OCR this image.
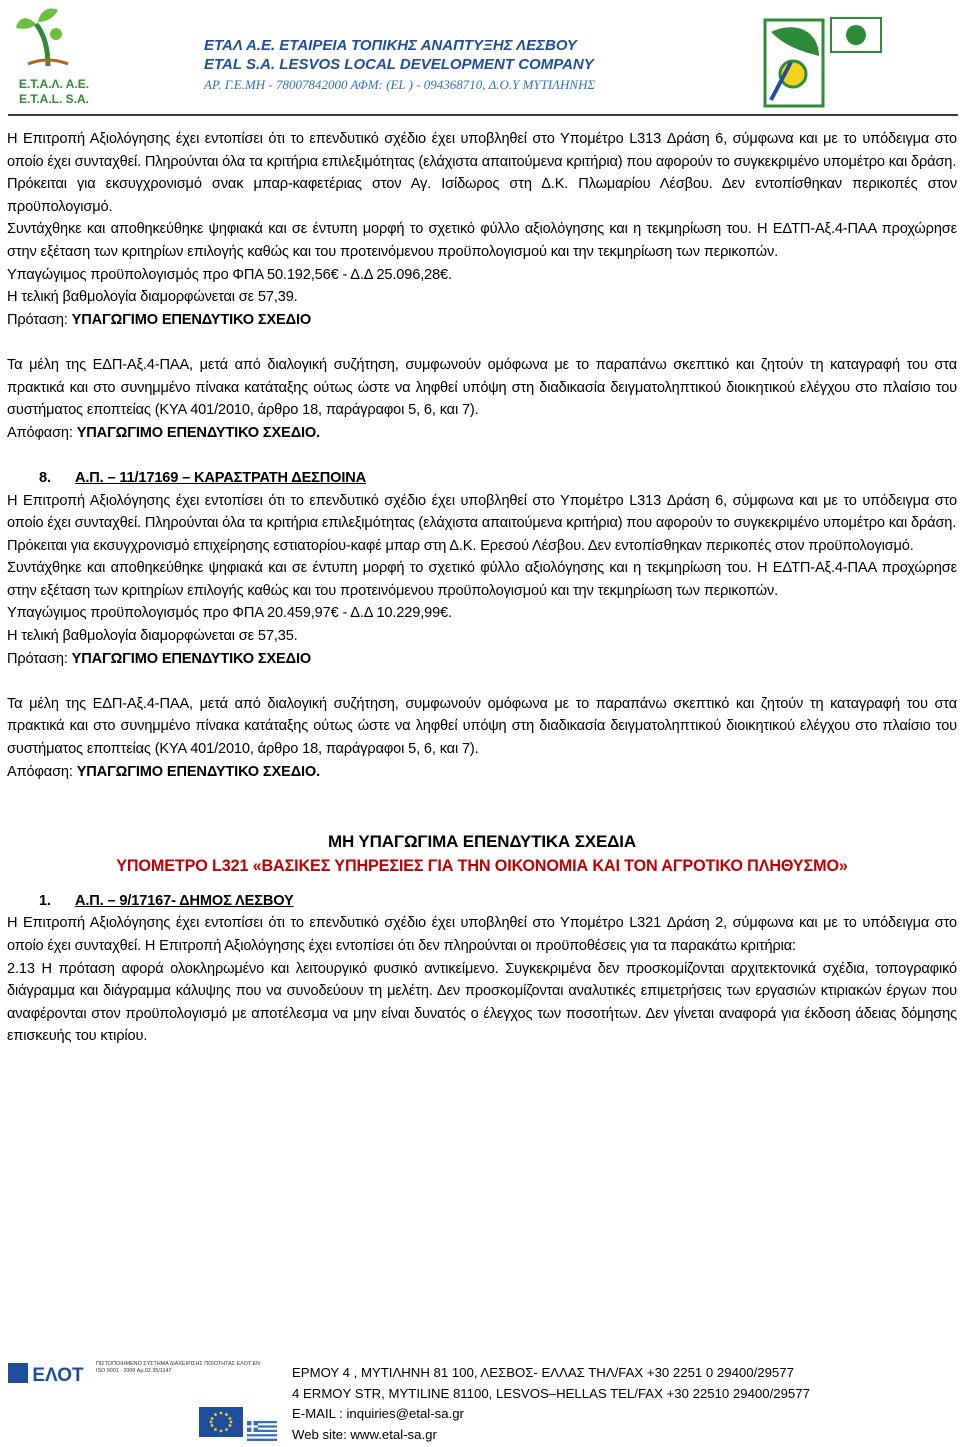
Ε.Τ.Α.Λ. Α.Ε.
E.T.A.L. S.A.
ΕΤΑΛ Α.Ε. ΕΤΑΙΡΕΙΑ ΤΟΠΙΚΗΣ ΑΝΑΠΤΥΞΗΣ ΛΕΣΒΟΥ
ETAL S.A. LESVOS LOCAL DEVELOPMENT COMPANY
ΑΡ. Γ.Ε.ΜΗ - 78007842000 ΑΦΜ: (EL ) - 094368710, Δ.Ο.Υ ΜΥΤΙΛΗΝΗΣ

Η Επιτροπή Αξιολόγησης έχει εντοπίσει ότι το επενδυτικό σχέδιο έχει υποβληθεί στο Υπομέτρο L313 Δράση 6, σύμφωνα και με το υπόδειγμα στο οποίο έχει συνταχθεί. Πληρούνται όλα τα κριτήρια επιλεξιμότητας (ελάχιστα απαιτούμενα κριτήρια) που αφορούν το συγκεκριμένο υπομέτρο και δράση.

Πρόκειται για εκσυγχρονισμό σνακ μπαρ-καφετέριας στον Αγ. Ισίδωρος στη Δ.Κ. Πλωμαρίου Λέσβου. Δεν εντοπίσθηκαν περικοπές στον προϋπολογισμό.

Συντάχθηκε και αποθηκεύθηκε ψηφιακά και σε έντυπη μορφή το σχετικό φύλλο αξιολόγησης και η τεκμηρίωση του. Η ΕΔΤΠ-Αξ.4-ΠΑΑ προχώρησε στην εξέταση των κριτηρίων επιλογής καθώς και του προτεινόμενου προϋπολογισμού και την τεκμηρίωση των περικοπών.

Υπαγώγιμος προϋπολογισμός προ ΦΠΑ 50.192,56€ - Δ.Δ 25.096,28€.

Η τελική βαθμολογία διαμορφώνεται σε 57,39.

Πρόταση: ΥΠΑΓΩΓΙΜΟ ΕΠΕΝΔΥΤΙΚΟ ΣΧΕΔΙΟ

Τα μέλη της ΕΔΠ-Αξ.4-ΠΑΑ, μετά από διαλογική συζήτηση, συμφωνούν ομόφωνα με το παραπάνω σκεπτικό και ζητούν τη καταγραφή του στα πρακτικά και στο συνημμένο πίνακα κατάταξης ούτως ώστε να ληφθεί υπόψη στη διαδικασία δειγματοληπτικού διοικητικού ελέγχου στο πλαίσιο του συστήματος εποπτείας (ΚΥΑ 401/2010, άρθρο 18, παράγραφοι 5, 6, και 7).

Απόφαση: ΥΠΑΓΩΓΙΜΟ ΕΠΕΝΔΥΤΙΚΟ ΣΧΕΔΙΟ.

8. Α.Π. – 11/17169 – ΚΑΡΑΣΤΡΑΤΗ ΔΕΣΠΟΙΝΑ

Η Επιτροπή Αξιολόγησης έχει εντοπίσει ότι το επενδυτικό σχέδιο έχει υποβληθεί στο Υπομέτρο L313 Δράση 6, σύμφωνα και με το υπόδειγμα στο οποίο έχει συνταχθεί. Πληρούνται όλα τα κριτήρια επιλεξιμότητας (ελάχιστα απαιτούμενα κριτήρια) που αφορούν το συγκεκριμένο υπομέτρο και δράση.

Πρόκειται για εκσυγχρονισμό επιχείρησης εστιατορίου-καφέ μπαρ στη Δ.Κ. Ερεσού Λέσβου. Δεν εντοπίσθηκαν περικοπές στον προϋπολογισμό.

Συντάχθηκε και αποθηκεύθηκε ψηφιακά και σε έντυπη μορφή το σχετικό φύλλο αξιολόγησης και η τεκμηρίωση του. Η ΕΔΤΠ-Αξ.4-ΠΑΑ προχώρησε στην εξέταση των κριτηρίων επιλογής καθώς και του προτεινόμενου προϋπολογισμού και την τεκμηρίωση των περικοπών.

Υπαγώγιμος προϋπολογισμός προ ΦΠΑ 20.459,97€ - Δ.Δ 10.229,99€.

Η τελική βαθμολογία διαμορφώνεται σε 57,35.

Πρόταση: ΥΠΑΓΩΓΙΜΟ ΕΠΕΝΔΥΤΙΚΟ ΣΧΕΔΙΟ

Τα μέλη της ΕΔΠ-Αξ.4-ΠΑΑ, μετά από διαλογική συζήτηση, συμφωνούν ομόφωνα με το παραπάνω σκεπτικό και ζητούν τη καταγραφή του στα πρακτικά και στο συνημμένο πίνακα κατάταξης ούτως ώστε να ληφθεί υπόψη στη διαδικασία δειγματοληπτικού διοικητικού ελέγχου στο πλαίσιο του συστήματος εποπτείας (ΚΥΑ 401/2010, άρθρο 18, παράγραφοι 5, 6, και 7).

Απόφαση: ΥΠΑΓΩΓΙΜΟ ΕΠΕΝΔΥΤΙΚΟ ΣΧΕΔΙΟ.

ΜΗ ΥΠΑΓΩΓΙΜΑ ΕΠΕΝΔΥΤΙΚΑ ΣΧΕΔΙΑ
ΥΠΟΜΕΤΡΟ L321 «ΒΑΣΙΚΕΣ ΥΠΗΡΕΣΙΕΣ ΓΙΑ ΤΗΝ ΟΙΚΟΝΟΜΙΑ ΚΑΙ ΤΟΝ ΑΓΡΟΤΙΚΟ ΠΛΗΘΥΣΜΟ»

1. Α.Π. – 9/17167- ΔΗΜΟΣ ΛΕΣΒΟΥ

Η Επιτροπή Αξιολόγησης έχει εντοπίσει ότι το επενδυτικό σχέδιο έχει υποβληθεί στο Υπομέτρο L321 Δράση 2, σύμφωνα και με το υπόδειγμα στο οποίο έχει συνταχθεί. Η Επιτροπή Αξιολόγησης έχει εντοπίσει ότι δεν πληρούνται οι προϋποθέσεις για τα παρακάτω κριτήρια:

2.13 Η πρόταση αφορά ολοκληρωμένο και λειτουργικό φυσικό αντικείμενο. Συγκεκριμένα δεν προσκομίζονται αρχιτεκτονικά σχέδια, τοπογραφικό διάγραμμα και διάγραμμα κάλυψης που να συνοδεύουν τη μελέτη. Δεν προσκομίζονται αναλυτικές επιμετρήσεις των εργασιών κτιριακών έργων που αναφέρονται στον προϋπολογισμό με αποτέλεσμα να μην είναι δυνατός ο έλεγχος των ποσοτήτων. Δεν γίνεται αναφορά για έκδοση άδειας δόμησης επισκευής του κτιρίου.

ΕΛΟΤ
ΠΙΣΤΟΠΟΙΗΜΕΝΟ ΣΥΣΤΗΜΑ ΔΙΑΧΕΙΡΙΣΗΣ ΠΟΙΟΤΗΤΑΣ ΕΛΟΤ ΕΝ ISO 9001 : 2008 Αρ.02.35/1147	ΕΡΜΟΥ 4 , ΜΥΤΙΛΗΝΗ 81 100, ΛΕΣΒΟΣ- ΕΛΛΑΣ ΤΗΛ/FAX +30 2251 0 29400/29577
4 ERMOY STR, MYTILINE 81100, LESVOS–HELLAS TEL/FAX +30 22510 29400/29577
E-MAIL : inquiries@etal-sa.gr
Web site: www.etal-sa.gr
